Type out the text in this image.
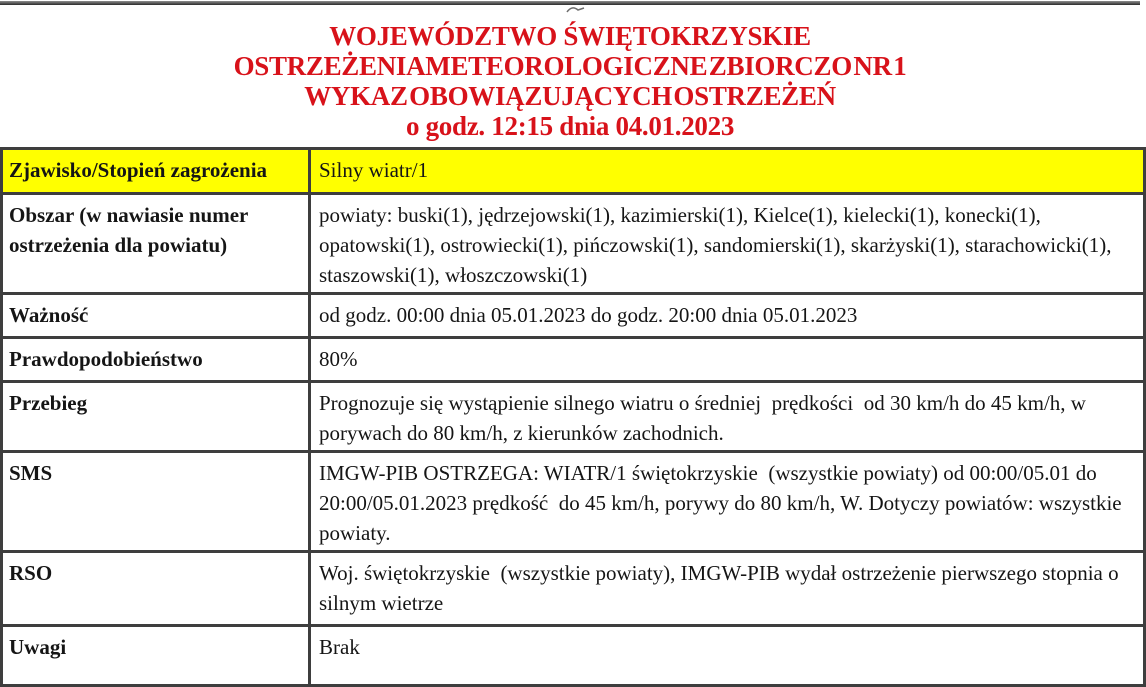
WOJEWÓDZTWO ŚWIĘTOKRZYSKIE
OSTRZEŻENIA METEOROLOGICZNE ZBIORCZO NR 1
WYKAZ OBOWIĄZUJĄCYCH OSTRZEŻEŃ
o godz. 12:15 dnia 04.01.2023
Zjawisko/Stopień zagrożenia	Silny wiatr/1
Obszar (w nawiasie numer ostrzeżenia dla powiatu)	powiaty: buski(1), jędrzejowski(1), kazimierski(1), Kielce(1), kielecki(1), konecki(1), opatowski(1), ostrowiecki(1), pińczowski(1), sandomierski(1), skarżyski(1), starachowicki(1), staszowski(1), włoszczowski(1)
Ważność	od godz. 00:00 dnia 05.01.2023 do godz. 20:00 dnia 05.01.2023
Prawdopodobieństwo	80%
Przebieg	Prognozuje się wystąpienie silnego wiatru o średniej  prędkości  od 30 km/h do 45 km/h, w porywach do 80 km/h, z kierunków zachodnich.
SMS	IMGW-PIB OSTRZEGA: WIATR/1 świętokrzyskie  (wszystkie powiaty) od 00:00/05.01 do 20:00/05.01.2023 prędkość  do 45 km/h, porywy do 80 km/h, W. Dotyczy powiatów: wszystkie powiaty.
RSO	Woj. świętokrzyskie  (wszystkie powiaty), IMGW-PIB wydał ostrzeżenie pierwszego stopnia o silnym wietrze
Uwagi	Brak
